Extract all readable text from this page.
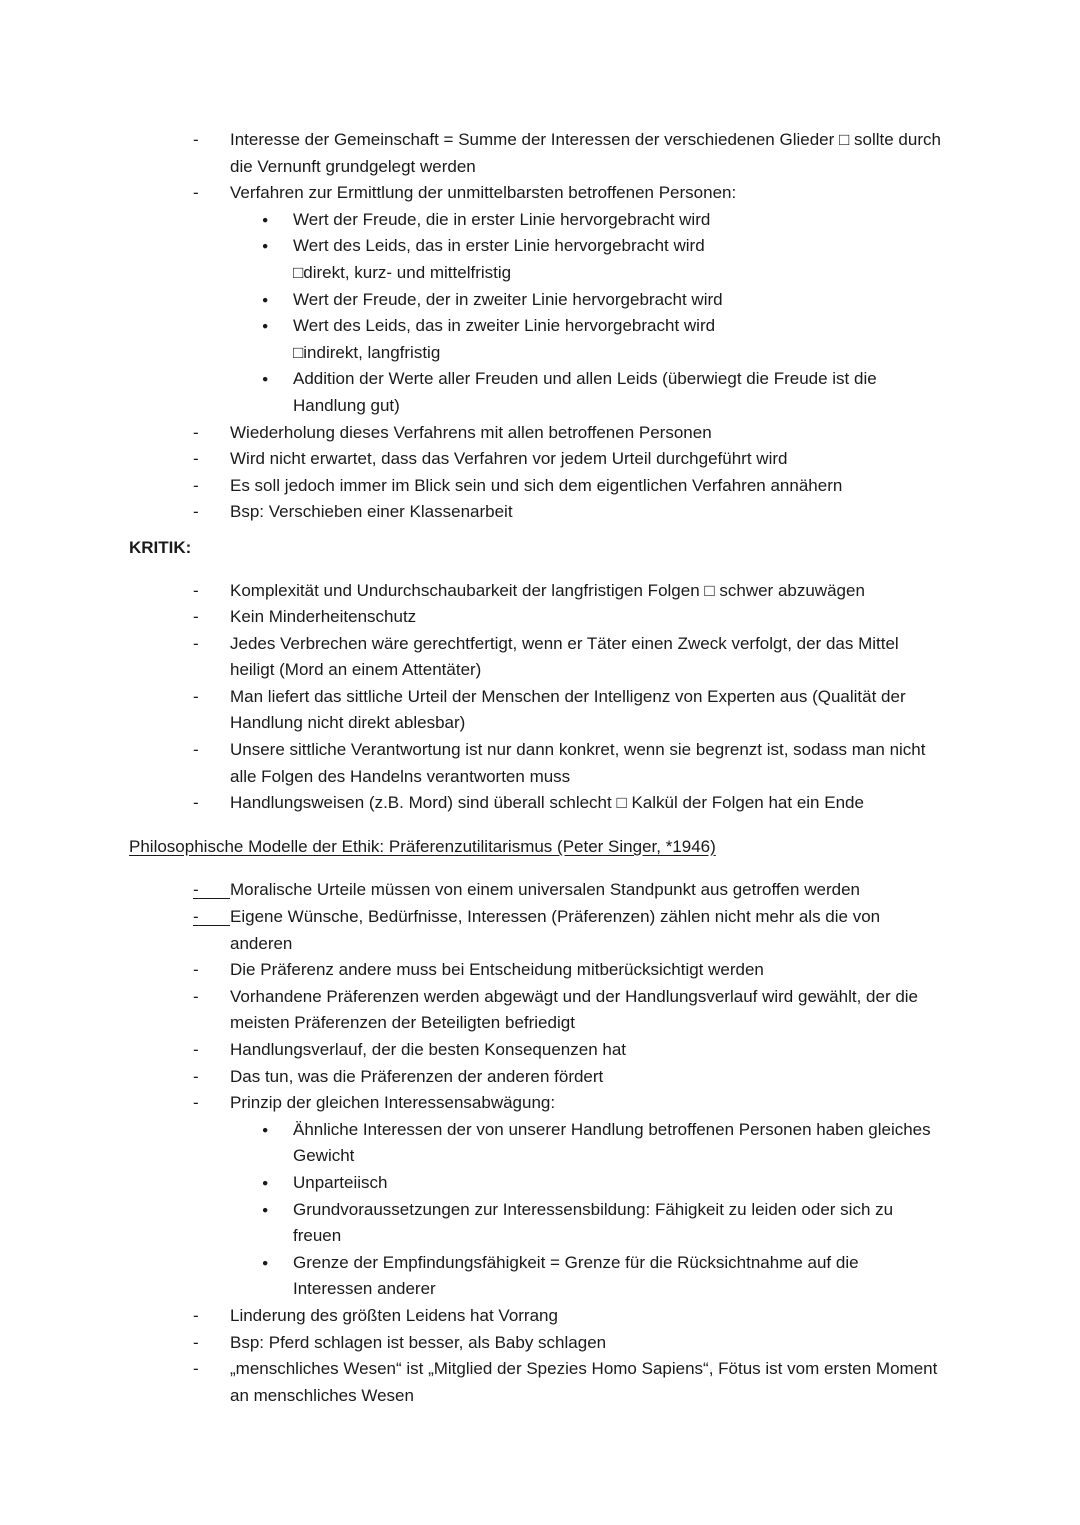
-	Interesse der Gemeinschaft = Summe der Interessen der verschiedenen Glieder □ sollte durch die Vernunft grundgelegt werden
-	Verfahren zur Ermittlung der unmittelbarsten betroffenen Personen:
●	Wert der Freude, die in erster Linie hervorgebracht wird
●	Wert des Leids, das in erster Linie hervorgebracht wird
□direkt, kurz- und mittelfristig
●	Wert der Freude, der in zweiter Linie hervorgebracht wird
●	Wert des Leids, das in zweiter Linie hervorgebracht wird
□indirekt, langfristig
●	Addition der Werte aller Freuden und allen Leids (überwiegt die Freude ist die Handlung gut)
-	Wiederholung dieses Verfahrens mit allen betroffenen Personen
-	Wird nicht erwartet, dass das Verfahren vor jedem Urteil durchgeführt wird
-	Es soll jedoch immer im Blick sein und sich dem eigentlichen Verfahren annähern
-	Bsp: Verschieben einer Klassenarbeit
KRITIK:
-	Komplexität und Undurchschaubarkeit der langfristigen Folgen □ schwer abzuwägen
-	Kein Minderheitenschutz
-	Jedes Verbrechen wäre gerechtfertigt, wenn er Täter einen Zweck verfolgt, der das Mittel heiligt (Mord an einem Attentäter)
-	Man liefert das sittliche Urteil der Menschen der Intelligenz von Experten aus (Qualität der Handlung nicht direkt ablesbar)
-	Unsere sittliche Verantwortung ist nur dann konkret, wenn sie begrenzt ist, sodass man nicht alle Folgen des Handelns verantworten muss
-	Handlungsweisen (z.B. Mord) sind überall schlecht □ Kalkül der Folgen hat ein Ende
Philosophische Modelle der Ethik: Präferenzutilitarismus (Peter Singer, *1946)
-	Moralische Urteile müssen von einem universalen Standpunkt aus getroffen werden
-	Eigene Wünsche, Bedürfnisse, Interessen (Präferenzen) zählen nicht mehr als die von anderen
-	Die Präferenz andere muss bei Entscheidung mitberücksichtigt werden
-	Vorhandene Präferenzen werden abgewägt und der Handlungsverlauf wird gewählt, der die meisten Präferenzen der Beteiligten befriedigt
-	Handlungsverlauf, der die besten Konsequenzen hat
-	Das tun, was die Präferenzen der anderen fördert
-	Prinzip der gleichen Interessensabwägung:
●	Ähnliche Interessen der von unserer Handlung betroffenen Personen haben gleiches Gewicht
●	Unparteiisch
●	Grundvoraussetzungen zur Interessensbildung: Fähigkeit zu leiden oder sich zu freuen
●	Grenze der Empfindungsfähigkeit = Grenze für die Rücksichtnahme auf die Interessen anderer
-	Linderung des größten Leidens hat Vorrang
-	Bsp: Pferd schlagen ist besser, als Baby schlagen
-	„menschliches Wesen“ ist „Mitglied der Spezies Homo Sapiens“, Fötus ist vom ersten Moment an menschliches Wesen
